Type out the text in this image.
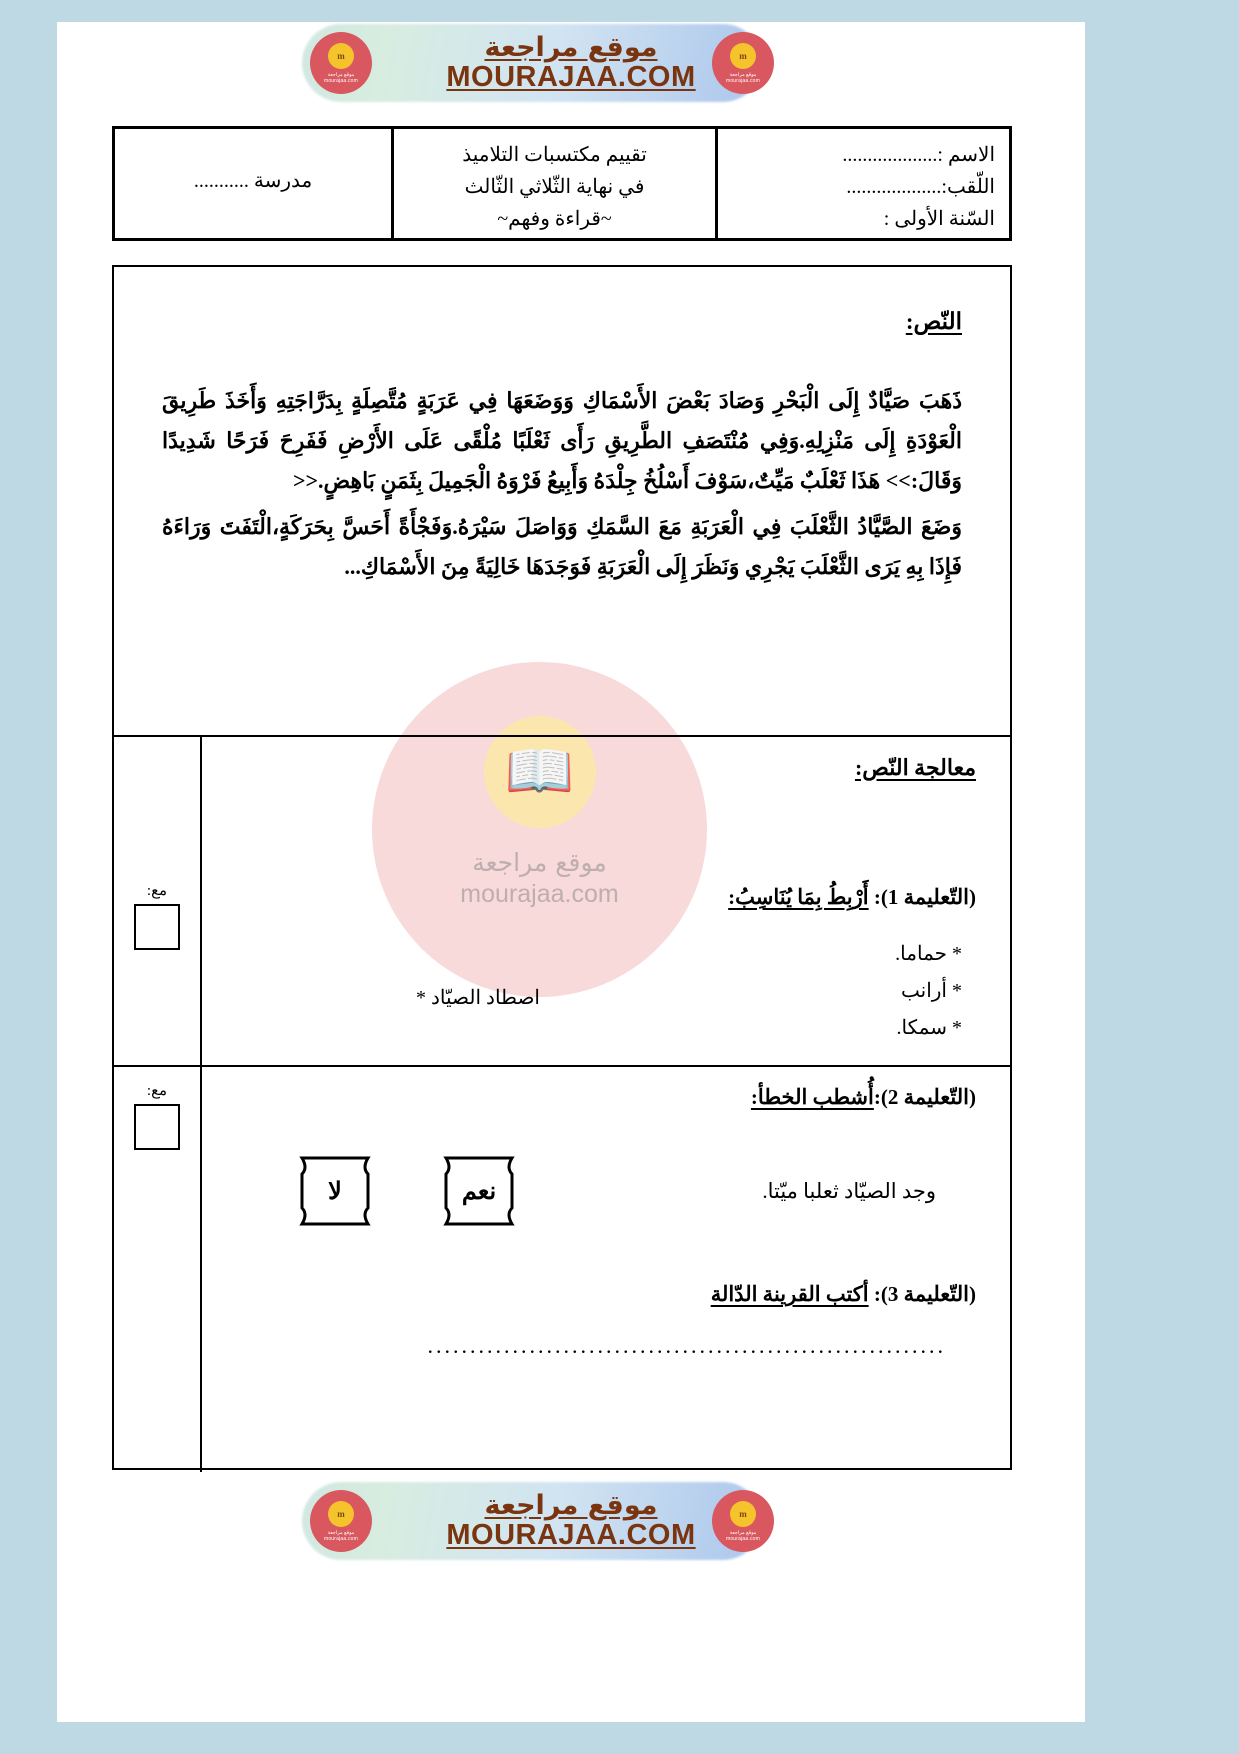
m
موقع مراجعة
mourajaa.com
m
موقع مراجعة
mourajaa.com
موقع مراجعة
MOURAJAA.COM
📖
موقع مراجعة
mourajaa.com
الاسم :...................
اللّقب:...................
السّنة الأولى :
تقييم مكتسبات التلاميذ
في نهاية الثّلاثي الثّالث
~قراءة وفهم~
مدرسة ...........
النّص:
ذَهَبَ صَيَّادٌ إِلَى الْبَحْرِ وَصَادَ بَعْضَ الأَسْمَاكِ وَوَضَعَهَا فِي عَرَبَةٍ مُتَّصِلَةٍ بِدَرَّاجَتِهِ وَأَخَذَ طَرِيقَ الْعَوْدَةِ إِلَى مَنْزِلِهِ.وَفِي مُنْتَصَفِ الطَّرِيقِ رَأَى ثَعْلَبًا مُلْقًى عَلَى الأَرْضِ فَفَرِحَ فَرَحًا شَدِيدًا وَقَالَ:>> هَذَا ثَعْلَبٌ مَيِّتٌ،سَوْفَ أَسْلُخُ جِلْدَهُ وَأَبِيعُ فَرْوَهُ الْجَمِيلَ بِثَمَنٍ بَاهِضٍ.<<
وَضَعَ الصَّيَّادُ الثَّعْلَبَ فِي الْعَرَبَةِ مَعَ السَّمَكِ وَوَاصَلَ سَيْرَهُ.وَفَجْأَةً أَحَسَّ بِحَرَكَةٍ،الْتَفَتَ وَرَاءَهُ فَإِذَا بِهِ يَرَى الثَّعْلَبَ يَجْرِي وَنَظَرَ إِلَى الْعَرَبَةِ فَوَجَدَهَا خَالِيَةً مِنَ الأَسْمَاكِ...
معالجة النّص:
(التّعليمة 1): أَرْبِطُ بِمَا يُنَاسِبُ:
* حماما.
* أرانب
* سمكا.
اصطاد الصيّاد *
مع:
(التّعليمة 2):أُشطب الخطأ:
وجد الصيّاد ثعلبا ميّتا.
نعم
لا
(التّعليمة 3): أكتب القرينة الدّالة
.............................................................
مع:
m
موقع مراجعة
mourajaa.com
m
موقع مراجعة
mourajaa.com
موقع مراجعة
MOURAJAA.COM
